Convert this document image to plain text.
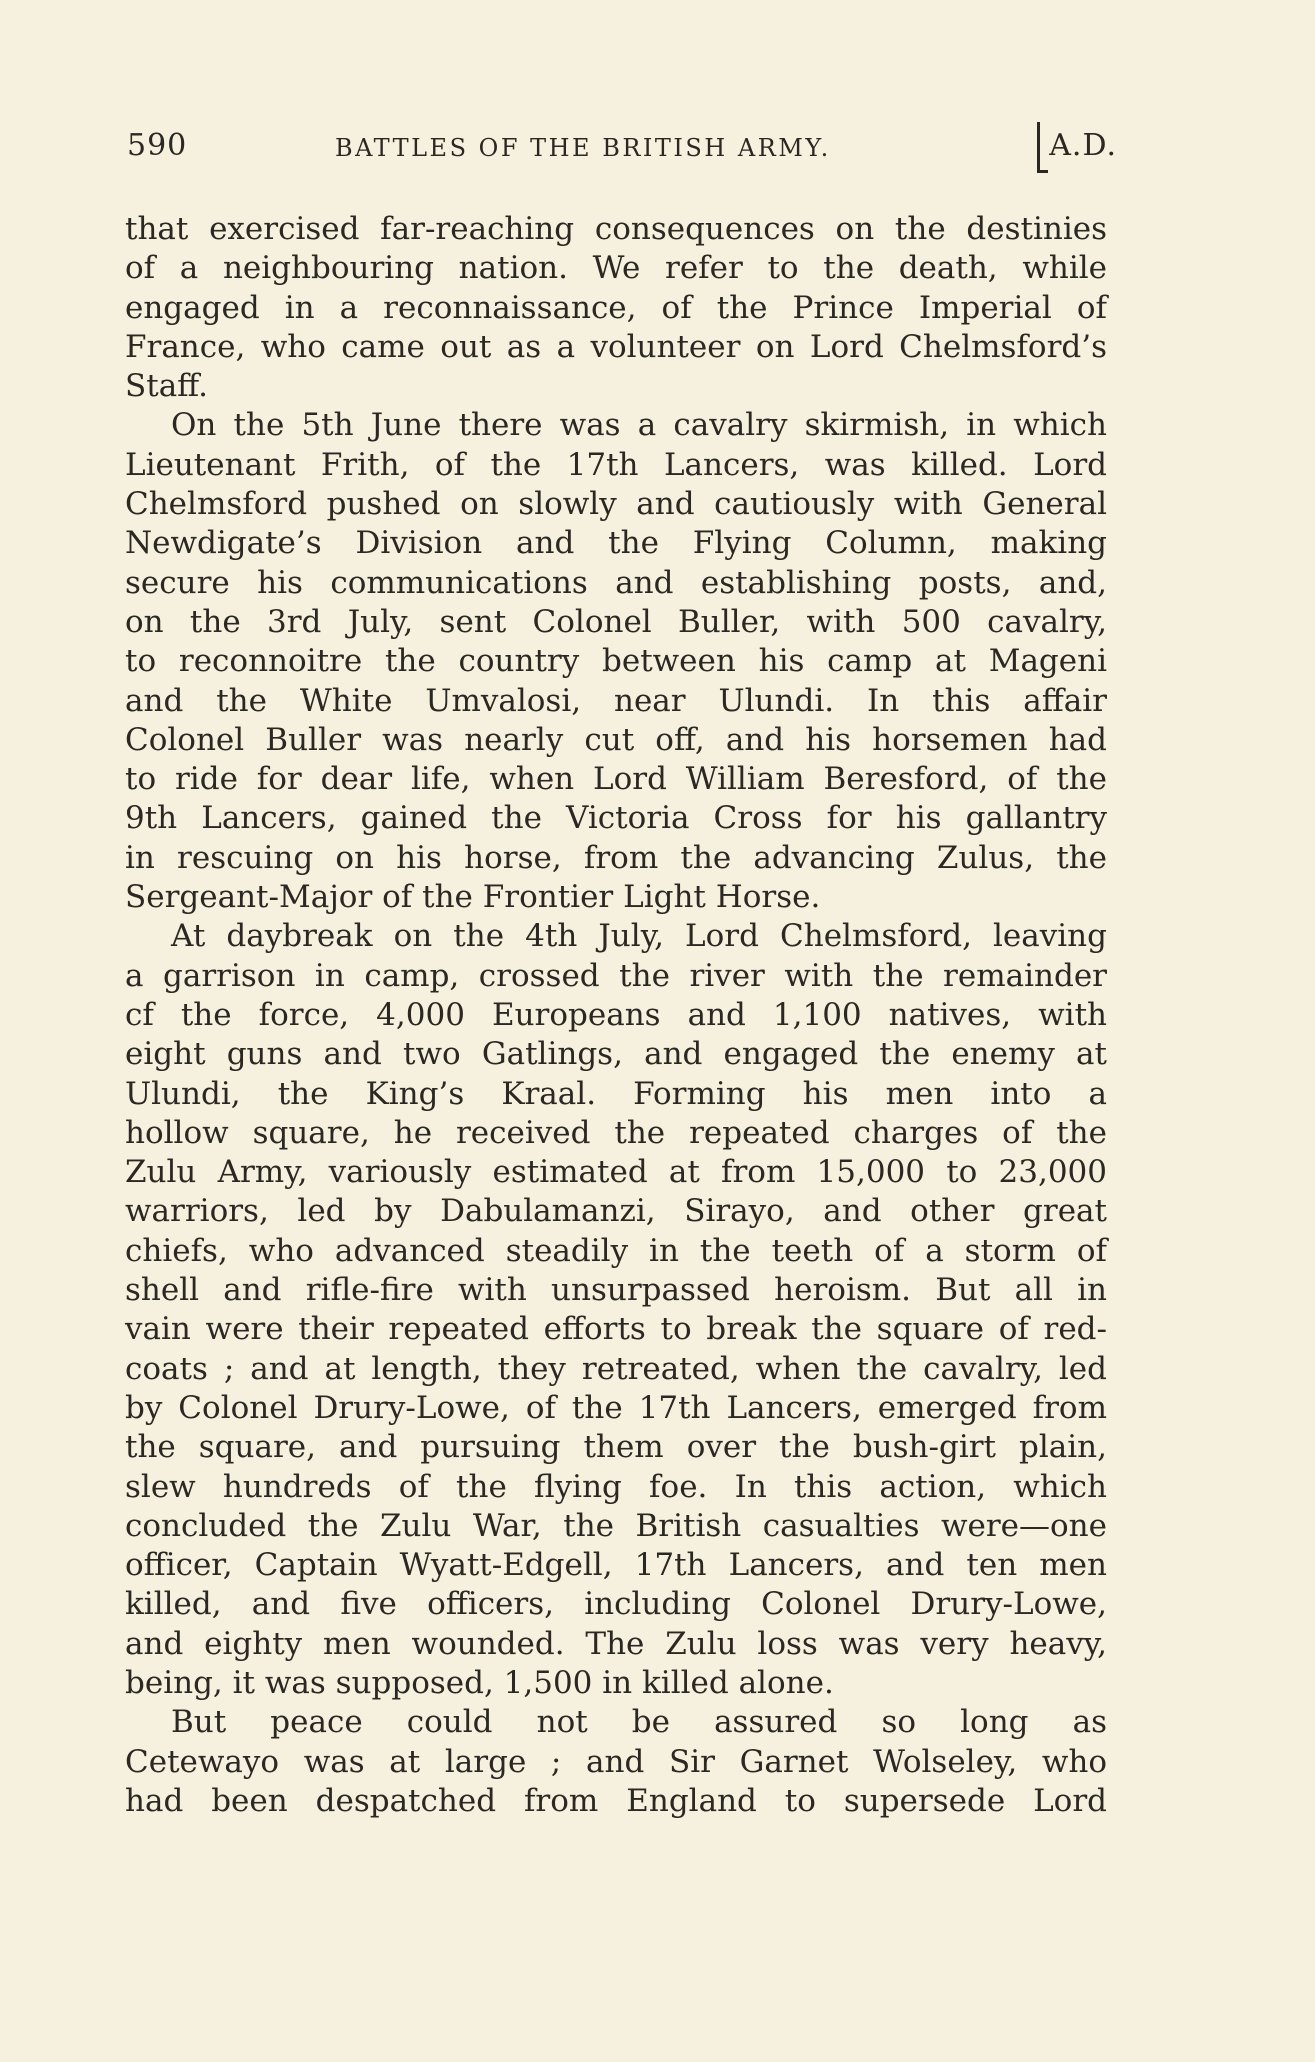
590	BATTLES OF THE BRITISH ARMY.	A.D.
that exercised far-reaching consequences on the destinies
of a neighbouring nation. We refer to the death, while
engaged in a reconnaissance, of the Prince Imperial of
France, who came out as a volunteer on Lord Chelmsford’s
Staff.
On the 5th June there was a cavalry skirmish, in which
Lieutenant Frith, of the 17th Lancers, was killed. Lord
Chelmsford pushed on slowly and cautiously with General
Newdigate’s Division and the Flying Column, making
secure his communications and establishing posts, and,
on the 3rd July, sent Colonel Buller, with 500 cavalry,
to reconnoitre the country between his camp at Mageni
and the White Umvalosi, near Ulundi. In this affair
Colonel Buller was nearly cut off, and his horsemen had
to ride for dear life, when Lord William Beresford, of the
9th Lancers, gained the Victoria Cross for his gallantry
in rescuing on his horse, from the advancing Zulus, the
Sergeant-Major of the Frontier Light Horse.
At daybreak on the 4th July, Lord Chelmsford, leaving
a garrison in camp, crossed the river with the remainder
cf the force, 4,000 Europeans and 1,100 natives, with
eight guns and two Gatlings, and engaged the enemy at
Ulundi, the King’s Kraal. Forming his men into a
hollow square, he received the repeated charges of the
Zulu Army, variously estimated at from 15,000 to 23,000
warriors, led by Dabulamanzi, Sirayo, and other great
chiefs, who advanced steadily in the teeth of a storm of
shell and rifle-fire with unsurpassed heroism. But all in
vain were their repeated efforts to break the square of red-
coats ; and at length, they retreated, when the cavalry, led
by Colonel Drury-Lowe, of the 17th Lancers, emerged from
the square, and pursuing them over the bush-girt plain,
slew hundreds of the flying foe. In this action, which
concluded the Zulu War, the British casualties were—one
officer, Captain Wyatt-Edgell, 17th Lancers, and ten men
killed, and five officers, including Colonel Drury-Lowe,
and eighty men wounded. The Zulu loss was very heavy,
being, it was supposed, 1,500 in killed alone.
But peace could not be assured so long as
Cetewayo was at large ; and Sir Garnet Wolseley, who
had been despatched from England to supersede Lord
